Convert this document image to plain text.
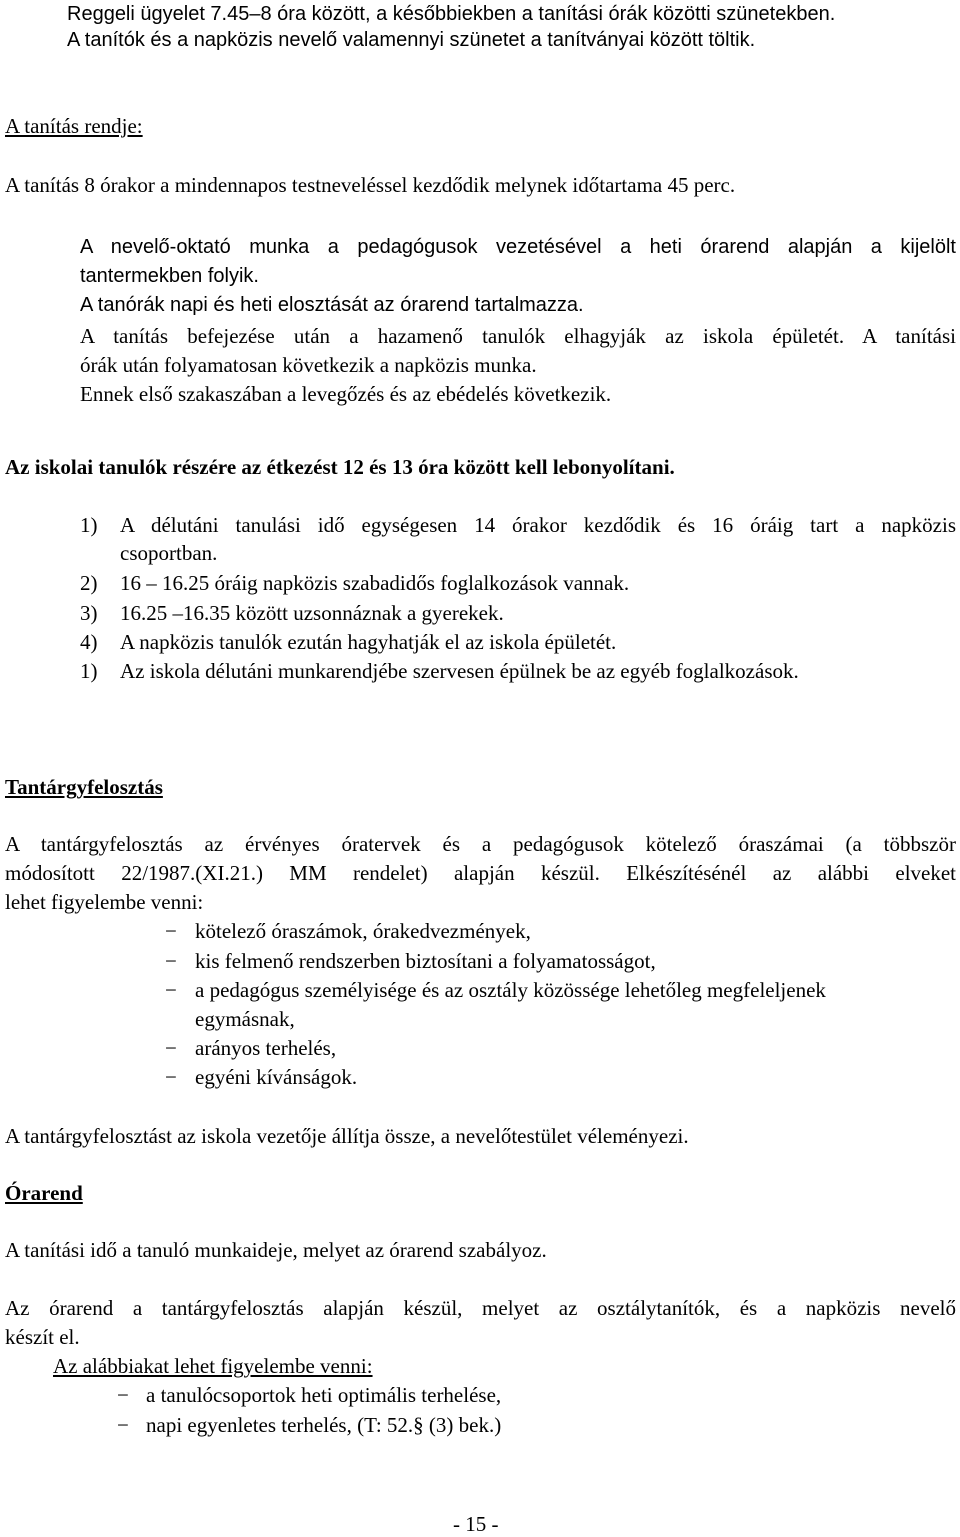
Reggeli ügyelet 7.45–8 óra között, a későbbiekben a tanítási órák közötti szünetekben.

A tanítók és a napközis nevelő valamennyi szünetet a tanítványai között töltik.

A tanítás rendje:

A tanítás 8 órakor a mindennapos testneveléssel kezdődik melynek időtartama 45 perc.

A nevelő-oktató munka a pedagógusok vezetésével a heti órarend alapján a kijelölt

tantermekben folyik.

A tanórák napi és heti elosztását az órarend tartalmazza.

A tanítás befejezése után a hazamenő tanulók elhagyják az iskola épületét. A tanítási

órák után folyamatosan következik a napközis munka.

Ennek első szakaszában a levegőzés és az ebédelés következik.

Az iskolai tanulók részére az étkezést 12 és 13 óra között kell lebonyolítani.

1) A délutáni tanulási idő egységesen 14 órakor kezdődik és 16 óráig tart a napközis

csoportban.

2) 16 – 16.25 óráig napközis szabadidős foglalkozások vannak.

3) 16.25 –16.35 között uzsonnáznak a gyerekek.

4) A napközis tanulók ezután hagyhatják el az iskola épületét.

1) Az iskola délutáni munkarendjébe szervesen épülnek be az egyéb foglalkozások.

Tantárgyfelosztás

A tantárgyfelosztás az érvényes óratervek és a pedagógusok kötelező óraszámai (a többször

módosított 22/1987.(XI.21.) MM rendelet) alapján készül. Elkészítésénél az alábbi elveket

lehet figyelembe venni:

− kötelező óraszámok, órakedvezmények,

− kis felmenő rendszerben biztosítani a folyamatosságot,

− a pedagógus személyisége és az osztály közössége lehetőleg megfeleljenek

egymásnak,

− arányos terhelés,

− egyéni kívánságok.

A tantárgyfelosztást az iskola vezetője állítja össze, a nevelőtestület véleményezi.

Órarend

A tanítási idő a tanuló munkaideje, melyet az órarend szabályoz.

Az órarend a tantárgyfelosztás alapján készül, melyet az osztálytanítók, és a napközis nevelő

készít el.

Az alábbiakat lehet figyelembe venni:

− a tanulócsoportok heti optimális terhelése,

− napi egyenletes terhelés, (T: 52.§ (3) bek.)

- 15 -
